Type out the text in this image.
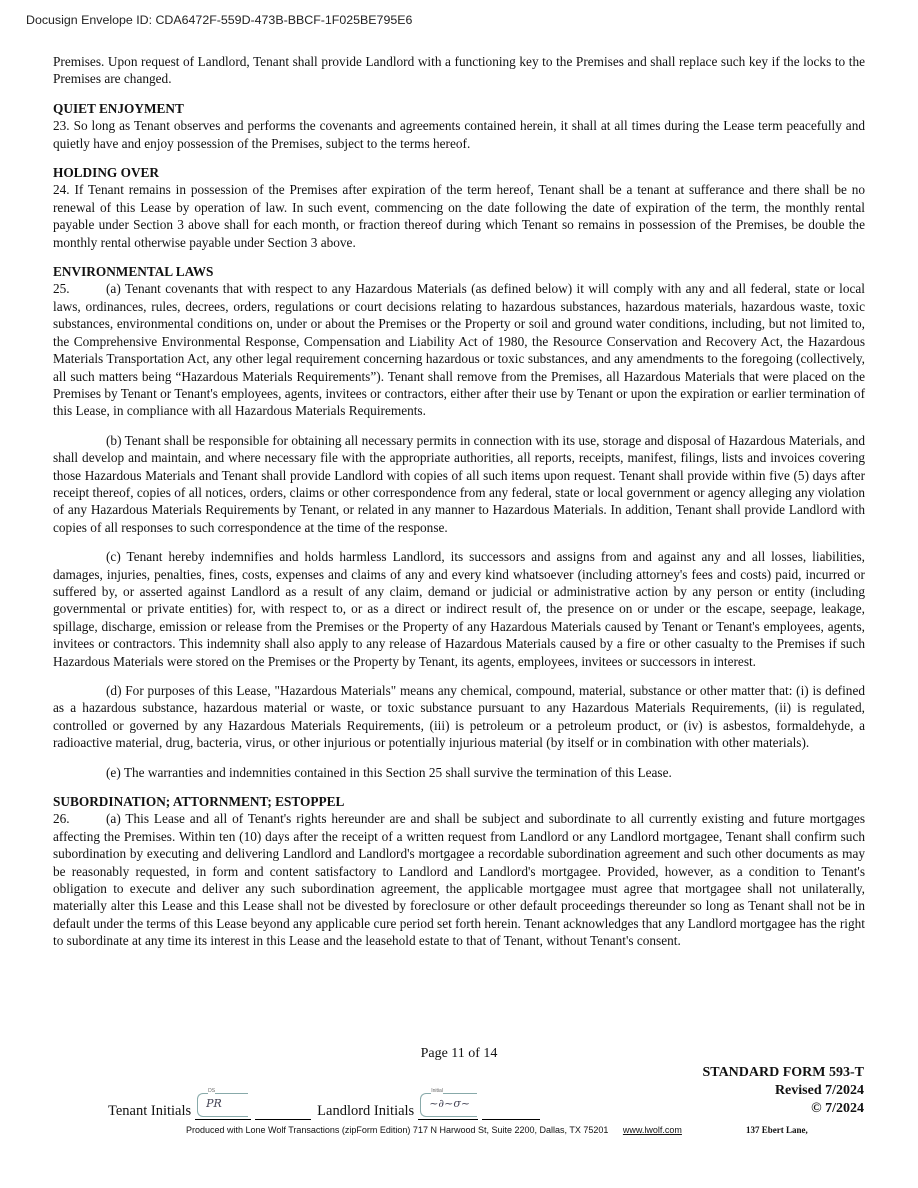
Docusign Envelope ID: CDA6472F-559D-473B-BBCF-1F025BE795E6

Premises. Upon request of Landlord, Tenant shall provide Landlord with a functioning key to the Premises and shall replace such key if the locks to the Premises are changed.

QUIET ENJOYMENT

23. So long as Tenant observes and performs the covenants and agreements contained herein, it shall at all times during the Lease term peacefully and quietly have and enjoy possession of the Premises, subject to the terms hereof.

HOLDING OVER

24. If Tenant remains in possession of the Premises after expiration of the term hereof, Tenant shall be a tenant at sufferance and there shall be no renewal of this Lease by operation of law. In such event, commencing on the date following the date of expiration of the term, the monthly rental payable under Section 3 above shall for each month, or fraction thereof during which Tenant so remains in possession of the Premises, be double the monthly rental otherwise payable under Section 3 above.

ENVIRONMENTAL LAWS

25.	(a) Tenant covenants that with respect to any Hazardous Materials (as defined below) it will comply with any and all federal, state or local laws, ordinances, rules, decrees, orders, regulations or court decisions relating to hazardous substances, hazardous materials, hazardous waste, toxic substances, environmental conditions on, under or about the Premises or the Property or soil and ground water conditions, including, but not limited to, the Comprehensive Environmental Response, Compensation and Liability Act of 1980, the Resource Conservation and Recovery Act, the Hazardous Materials Transportation Act, any other legal requirement concerning hazardous or toxic substances, and any amendments to the foregoing (collectively, all such matters being “Hazardous Materials Requirements”). Tenant shall remove from the Premises, all Hazardous Materials that were placed on the Premises by Tenant or Tenant's employees, agents, invitees or contractors, either after their use by Tenant or upon the expiration or earlier termination of this Lease, in compliance with all Hazardous Materials Requirements.

(b) Tenant shall be responsible for obtaining all necessary permits in connection with its use, storage and disposal of Hazardous Materials, and shall develop and maintain, and where necessary file with the appropriate authorities, all reports, receipts, manifest, filings, lists and invoices covering those Hazardous Materials and Tenant shall provide Landlord with copies of all such items upon request. Tenant shall provide within five (5) days after receipt thereof, copies of all notices, orders, claims or other correspondence from any federal, state or local government or agency alleging any violation of any Hazardous Materials Requirements by Tenant, or related in any manner to Hazardous Materials. In addition, Tenant shall provide Landlord with copies of all responses to such correspondence at the time of the response.

(c) Tenant hereby indemnifies and holds harmless Landlord, its successors and assigns from and against any and all losses, liabilities, damages, injuries, penalties, fines, costs, expenses and claims of any and every kind whatsoever (including attorney's fees and costs) paid, incurred or suffered by, or asserted against Landlord as a result of any claim, demand or judicial or administrative action by any person or entity (including governmental or private entities) for, with respect to, or as a direct or indirect result of, the presence on or under or the escape, seepage, leakage, spillage, discharge, emission or release from the Premises or the Property of any Hazardous Materials caused by Tenant or Tenant's employees, agents, invitees or contractors. This indemnity shall also apply to any release of Hazardous Materials caused by a fire or other casualty to the Premises if such Hazardous Materials were stored on the Premises or the Property by Tenant, its agents, employees, invitees or successors in interest.

(d) For purposes of this Lease, "Hazardous Materials" means any chemical, compound, material, substance or other matter that: (i) is defined as a hazardous substance, hazardous material or waste, or toxic substance pursuant to any Hazardous Materials Requirements, (ii) is regulated, controlled or governed by any Hazardous Materials Requirements, (iii) is petroleum or a petroleum product, or (iv) is asbestos, formaldehyde, a radioactive material, drug, bacteria, virus, or other injurious or potentially injurious material (by itself or in combination with other materials).

(e) The warranties and indemnities contained in this Section 25 shall survive the termination of this Lease.

SUBORDINATION; ATTORNMENT; ESTOPPEL

26.	(a) This Lease and all of Tenant's rights hereunder are and shall be subject and subordinate to all currently existing and future mortgages affecting the Premises. Within ten (10) days after the receipt of a written request from Landlord or any Landlord mortgagee, Tenant shall confirm such subordination by executing and delivering Landlord and Landlord's mortgagee a recordable subordination agreement and such other documents as may be reasonably requested, in form and content satisfactory to Landlord and Landlord's mortgagee. Provided, however, as a condition to Tenant's obligation to execute and deliver any such subordination agreement, the applicable mortgagee must agree that mortgagee shall not unilaterally, materially alter this Lease and this Lease shall not be divested by foreclosure or other default proceedings thereunder so long as Tenant shall not be in default under the terms of this Lease beyond any applicable cure period set forth herein. Tenant acknowledges that any Landlord mortgagee has the right to subordinate at any time its interest in this Lease and the leasehold estate to that of Tenant, without Tenant's consent.

Page 11 of 14
STANDARD FORM 593-T
Revised 7/2024
© 7/2024
Tenant Initials
DS
PR	Landlord Initials
Initial
~∂~σ~
Produced with Lone Wolf Transactions (zipForm Edition) 717 N Harwood St, Suite 2200, Dallas, TX 75201 www.lwolf.com	137 Ebert Lane,
